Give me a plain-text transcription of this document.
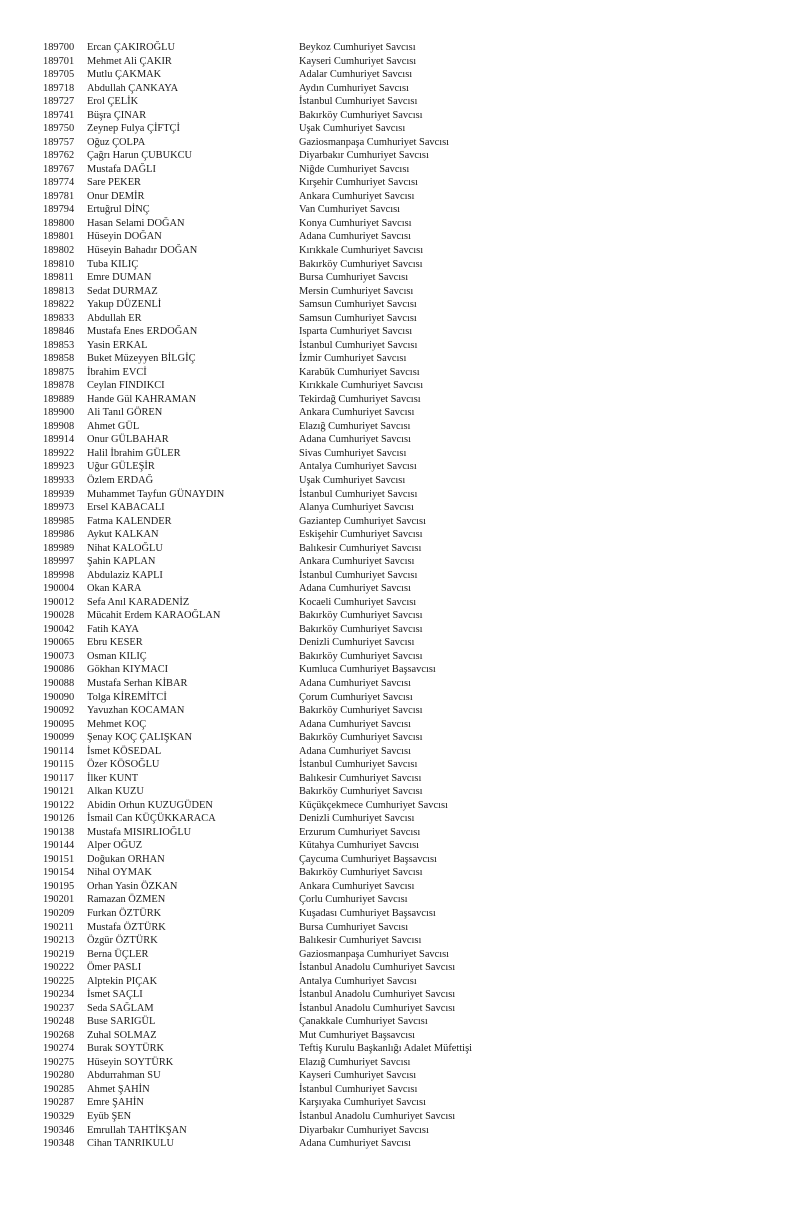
189700 Ercan ÇAKIROĞLU	Beykoz Cumhuriyet Savcısı
189701 Mehmet Ali ÇAKIR	Kayseri Cumhuriyet Savcısı
189705 Mutlu ÇAKMAK	Adalar Cumhuriyet Savcısı
189718 Abdullah ÇANKAYA	Aydın Cumhuriyet Savcısı
189727 Erol ÇELİK	İstanbul Cumhuriyet Savcısı
189741 Büşra ÇINAR	Bakırköy Cumhuriyet Savcısı
189750 Zeynep Fulya ÇİFTÇİ	Uşak Cumhuriyet Savcısı
189757 Oğuz ÇOLPA	Gaziosmanpaşa Cumhuriyet Savcısı
189762 Çağrı Harun ÇUBUKCU	Diyarbakır Cumhuriyet Savcısı
189767 Mustafa DAĞLI	Niğde Cumhuriyet Savcısı
189774 Sare PEKER	Kırşehir Cumhuriyet Savcısı
189781 Onur DEMİR	Ankara Cumhuriyet Savcısı
189794 Ertuğrul DİNÇ	Van Cumhuriyet Savcısı
189800 Hasan Selami DOĞAN	Konya Cumhuriyet Savcısı
189801 Hüseyin DOĞAN	Adana Cumhuriyet Savcısı
189802 Hüseyin Bahadır DOĞAN	Kırıkkale Cumhuriyet Savcısı
189810 Tuba KILIÇ	Bakırköy Cumhuriyet Savcısı
189811 Emre DUMAN	Bursa Cumhuriyet Savcısı
189813 Sedat DURMAZ	Mersin Cumhuriyet Savcısı
189822 Yakup DÜZENLİ	Samsun Cumhuriyet Savcısı
189833 Abdullah ER	Samsun Cumhuriyet Savcısı
189846 Mustafa Enes ERDOĞAN	Isparta Cumhuriyet Savcısı
189853 Yasin ERKAL	İstanbul Cumhuriyet Savcısı
189858 Buket Müzeyyen BİLGİÇ	İzmir Cumhuriyet Savcısı
189875 İbrahim EVCİ	Karabük Cumhuriyet Savcısı
189878 Ceylan FINDIKCI	Kırıkkale Cumhuriyet Savcısı
189889 Hande Gül KAHRAMAN	Tekirdağ Cumhuriyet Savcısı
189900 Ali Tanıl GÖREN	Ankara Cumhuriyet Savcısı
189908 Ahmet GÜL	Elazığ Cumhuriyet Savcısı
189914 Onur GÜLBAHAR	Adana Cumhuriyet Savcısı
189922 Halil İbrahim GÜLER	Sivas Cumhuriyet Savcısı
189923 Uğur GÜLEŞİR	Antalya Cumhuriyet Savcısı
189933 Özlem ERDAĞ	Uşak Cumhuriyet Savcısı
189939 Muhammet Tayfun GÜNAYDIN	İstanbul Cumhuriyet Savcısı
189973 Ersel KABACALI	Alanya Cumhuriyet Savcısı
189985 Fatma KALENDER	Gaziantep Cumhuriyet Savcısı
189986 Aykut KALKAN	Eskişehir Cumhuriyet Savcısı
189989 Nihat KALOĞLU	Balıkesir Cumhuriyet Savcısı
189997 Şahin KAPLAN	Ankara Cumhuriyet Savcısı
189998 Abdulaziz KAPLI	İstanbul Cumhuriyet Savcısı
190004 Okan KARA	Adana Cumhuriyet Savcısı
190012 Sefa Anıl KARADENİZ	Kocaeli Cumhuriyet Savcısı
190028 Mücahit Erdem KARAOĞLAN	Bakırköy Cumhuriyet Savcısı
190042 Fatih KAYA	Bakırköy Cumhuriyet Savcısı
190065 Ebru KESER	Denizli Cumhuriyet Savcısı
190073 Osman KILIÇ	Bakırköy Cumhuriyet Savcısı
190086 Gökhan KIYMACI	Kumluca Cumhuriyet Başsavcısı
190088 Mustafa Serhan KİBAR	Adana Cumhuriyet Savcısı
190090 Tolga KİREMİTCİ	Çorum Cumhuriyet Savcısı
190092 Yavuzhan KOCAMAN	Bakırköy Cumhuriyet Savcısı
190095 Mehmet KOÇ	Adana Cumhuriyet Savcısı
190099 Şenay KOÇ ÇALIŞKAN	Bakırköy Cumhuriyet Savcısı
190114 İsmet KÖSEDAL	Adana Cumhuriyet Savcısı
190115 Özer KÖSOĞLU	İstanbul Cumhuriyet Savcısı
190117 İlker KUNT	Balıkesir Cumhuriyet Savcısı
190121 Alkan KUZU	Bakırköy Cumhuriyet Savcısı
190122 Abidin Orhun KUZUGÜDEN	Küçükçekmece Cumhuriyet Savcısı
190126 İsmail Can KÜÇÜKKARACA	Denizli Cumhuriyet Savcısı
190138 Mustafa MISIRLIOĞLU	Erzurum Cumhuriyet Savcısı
190144 Alper OĞUZ	Kütahya Cumhuriyet Savcısı
190151 Doğukan ORHAN	Çaycuma Cumhuriyet Başsavcısı
190154 Nihal OYMAK	Bakırköy Cumhuriyet Savcısı
190195 Orhan Yasin ÖZKAN	Ankara Cumhuriyet Savcısı
190201 Ramazan ÖZMEN	Çorlu Cumhuriyet Savcısı
190209 Furkan ÖZTÜRK	Kuşadası Cumhuriyet Başsavcısı
190211 Mustafa ÖZTÜRK	Bursa Cumhuriyet Savcısı
190213 Özgür ÖZTÜRK	Balıkesir Cumhuriyet Savcısı
190219 Berna ÜÇLER	Gaziosmanpaşa Cumhuriyet Savcısı
190222 Ömer PASLI	İstanbul Anadolu Cumhuriyet Savcısı
190225 Alptekin PIÇAK	Antalya Cumhuriyet Savcısı
190234 İsmet SAÇLI	İstanbul Anadolu Cumhuriyet Savcısı
190237 Seda SAĞLAM	İstanbul Anadolu Cumhuriyet Savcısı
190248 Buse SARIGÜL	Çanakkale Cumhuriyet Savcısı
190268 Zuhal SOLMAZ	Mut Cumhuriyet Başsavcısı
190274 Burak SOYTÜRK	Teftiş Kurulu Başkanlığı Adalet Müfettişi
190275 Hüseyin SOYTÜRK	Elazığ Cumhuriyet Savcısı
190280 Abdurrahman SU	Kayseri Cumhuriyet Savcısı
190285 Ahmet ŞAHİN	İstanbul Cumhuriyet Savcısı
190287 Emre ŞAHİN	Karşıyaka Cumhuriyet Savcısı
190329 Eyüb ŞEN	İstanbul Anadolu Cumhuriyet Savcısı
190346 Emrullah TAHTİKŞAN	Diyarbakır Cumhuriyet Savcısı
190348 Cihan TANRIKULU	Adana Cumhuriyet Savcısı
